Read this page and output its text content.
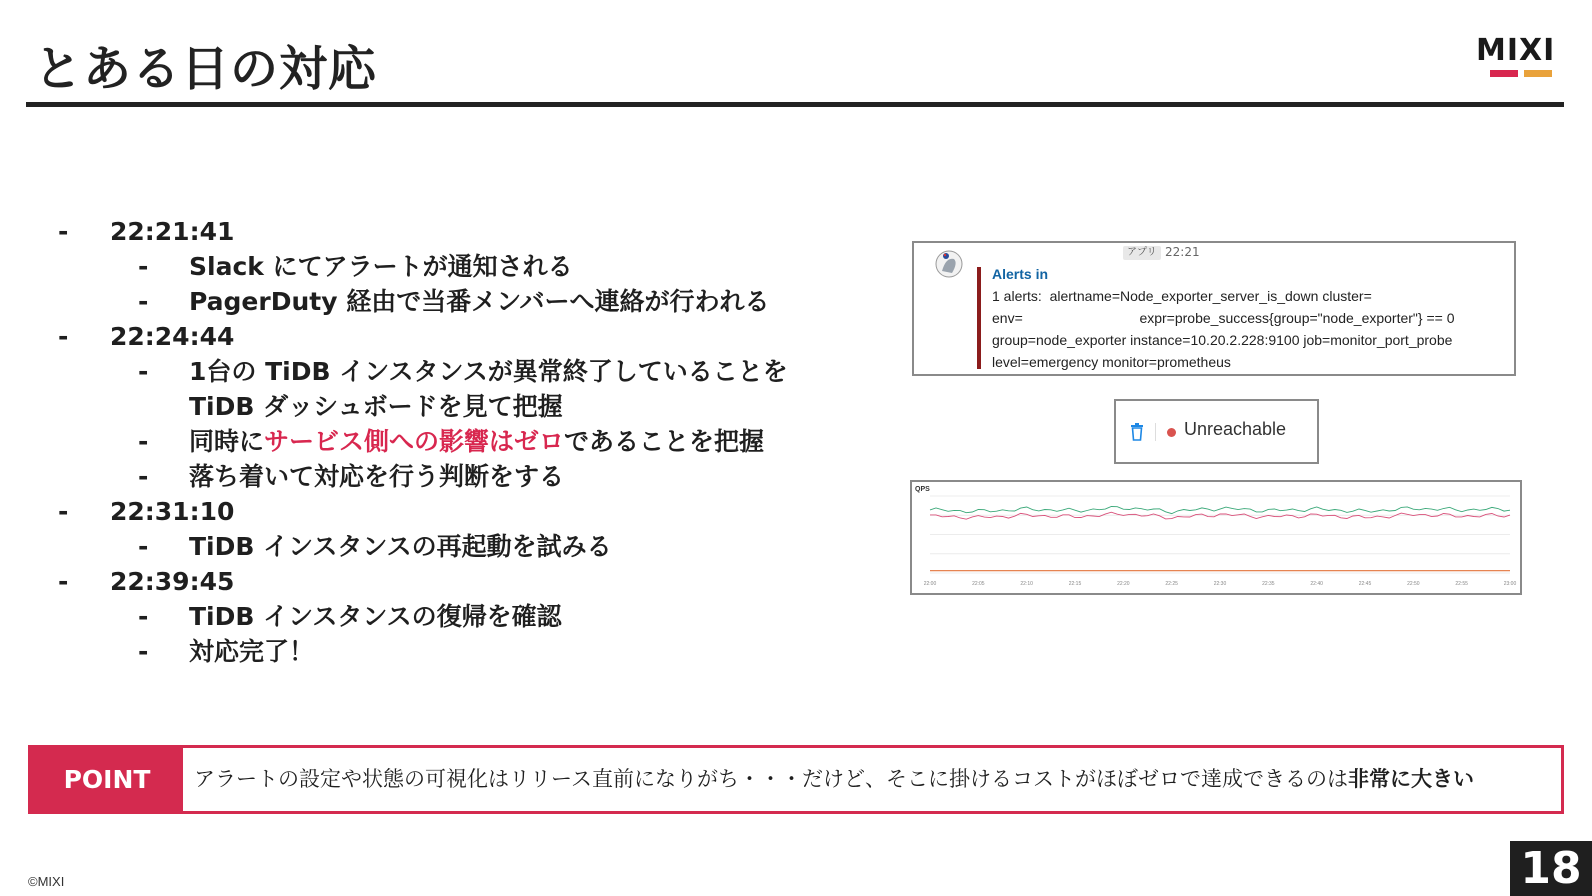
とある日の対応	MIXI
- 22:21:41
- Slack にてアラートが通知される
- PagerDuty 経由で当番メンバーへ連絡が行われる
- 22:24:44
- 1台の TiDB インスタンスが異常終了していることを
TiDB ダッシュボードを見て把握
- 同時にサービス側への影響はゼロであることを把握
- 落ち着いて対応を行う判断をする
- 22:31:10
- TiDB インスタンスの再起動を試みる
- 22:39:45
- TiDB インスタンスの復帰を確認
- 対応完了！
アプリ 22:21
Alerts in
1 alerts:  alertname=Node_exporter_server_is_down cluster=
env=                              expr=probe_success{group="node_exporter"} == 0
group=node_exporter instance=10.20.2.228:9100 job=monitor_port_probe
level=emergency monitor=prometheus
Unreachable
QPS
22:00	22:05	22:10	22:15	22:20	22:25	22:30	22:35	22:40	22:45	22:50	22:55	23:00
POINT	アラートの設定や状態の可視化はリリース直前になりがち・・・だけど、そこに掛けるコストがほぼゼロで達成できるのは非常に大きい
©MIXI	18
